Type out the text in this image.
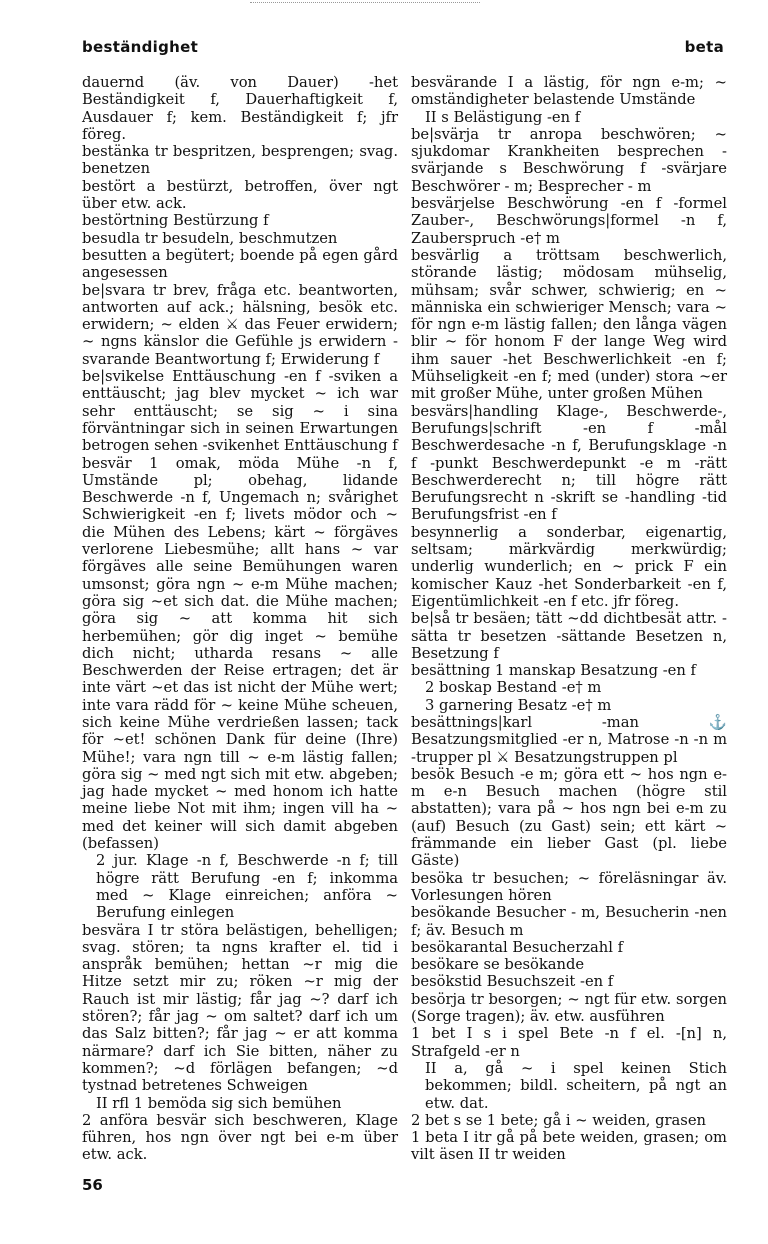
beständighet	beta

dauernd (äv. von Dauer) -het Beständigkeit f, Dauerhaftigkeit f, Ausdauer f; kem. Beständigkeit f; jfr föreg.

bestänka tr bespritzen, besprengen; svag. benetzen

bestört a bestürzt, betroffen, över ngt über etw. ack.

bestörtning Bestürzung f

besudla tr besudeln, beschmutzen

besutten a begütert; boende på egen gård angesessen

be|svara tr brev, fråga etc. beantworten, antworten auf ack.; hälsning, besök etc. erwidern; ~ elden ⚔ das Feuer erwidern; ~ ngns känslor die Gefühle js erwidern -svarande Beantwortung f; Erwiderung f

be|svikelse Enttäuschung -en f -sviken a enttäuscht; jag blev mycket ~ ich war sehr enttäuscht; se sig ~ i sina förväntningar sich in seinen Erwartungen betrogen sehen -svikenhet Enttäuschung f

besvär 1 omak, möda Mühe -n f, Umstände pl; obehag, lidande Beschwerde -n f, Ungemach n; svårighet Schwierigkeit -en f; livets mödor och ~ die Mühen des Lebens; kärt ~ förgäves verlorene Liebesmühe; allt hans ~ var förgäves alle seine Bemühungen waren umsonst; göra ngn ~ e-m Mühe machen; göra sig ~et sich dat. die Mühe machen; göra sig ~ att komma hit sich herbemühen; gör dig inget ~ bemühe dich nicht; utharda resans ~ alle Beschwerden der Reise ertragen; det är inte värt ~et das ist nicht der Mühe wert; inte vara rädd för ~ keine Mühe scheuen, sich keine Mühe verdrießen lassen; tack för ~et! schönen Dank für deine (Ihre) Mühe!; vara ngn till ~ e-m lästig fallen; göra sig ~ med ngt sich mit etw. abgeben; jag hade mycket ~ med honom ich hatte meine liebe Not mit ihm; ingen vill ha ~ med det keiner will sich damit abgeben (befassen)

2 jur. Klage -n f, Beschwerde -n f; till högre rätt Berufung -en f; inkomma med ~ Klage einreichen; anföra ~ Berufung einlegen

besvära I tr störa belästigen, behelligen; svag. stören; ta ngns krafter el. tid i anspråk bemühen; hettan ~r mig die Hitze setzt mir zu; röken ~r mig der Rauch ist mir lästig; får jag ~? darf ich stören?; får jag ~ om saltet? darf ich um das Salz bitten?; får jag ~ er att komma närmare? darf ich Sie bitten, näher zu kommen?; ~d förlägen befangen; ~d tystnad betretenes Schweigen

II rfl 1 bemöda sig sich bemühen

2 anföra besvär sich beschweren, Klage führen, hos ngn över ngt bei e-m über etw. ack.

besvärande I a lästig, för ngn e-m; ~ omständigheter belastende Umstände

II s Belästigung -en f

be|svärja tr anropa beschwören; ~ sjukdomar Krankheiten besprechen -svärjande s Beschwörung f -svärjare Beschwörer - m; Besprecher - m

besvärjelse Beschwörung -en f -formel Zauber-, Beschwörungs|formel -n f, Zauberspruch -e† m

besvärlig a tröttsam beschwerlich, störande lästig; mödosam mühselig, mühsam; svår schwer, schwierig; en ~ människa ein schwieriger Mensch; vara ~ för ngn e-m lästig fallen; den långa vägen blir ~ för honom F der lange Weg wird ihm sauer -het Beschwerlichkeit -en f; Mühseligkeit -en f; med (under) stora ~er mit großer Mühe, unter großen Mühen

besvärs|handling Klage-, Beschwerde-, Berufungs|schrift -en f -mål Beschwerdesache -n f, Berufungsklage -n f -punkt Beschwerdepunkt -e m -rätt Beschwerderecht n; till högre rätt Berufungsrecht n -skrift se -handling -tid Berufungsfrist -en f

besynnerlig a sonderbar, eigenartig, seltsam; märkvärdig merkwürdig; underlig wunderlich; en ~ prick F ein komischer Kauz -het Sonderbarkeit -en f, Eigentümlichkeit -en f etc. jfr föreg.

be|så tr besäen; tätt ~dd dichtbesät attr. -sätta tr besetzen -sättande Besetzen n, Besetzung f

besättning 1 manskap Besatzung -en f

2 boskap Bestand -e† m

3 garnering Besatz -e† m

besättnings|karl -man ⚓ Besatzungsmitglied -er n, Matrose -n -n m -trupper pl ⚔ Besatzungstruppen pl

besök Besuch -e m; göra ett ~ hos ngn e-m e-n Besuch machen (högre stil abstatten); vara på ~ hos ngn bei e-m zu (auf) Besuch (zu Gast) sein; ett kärt ~ främmande ein lieber Gast (pl. liebe Gäste)

besöka tr besuchen; ~ föreläsningar äv. Vorlesungen hören

besökande Besucher - m, Besucherin -nen f; äv. Besuch m

besökarantal Besucherzahl f

besökare se besökande

besökstid Besuchszeit -en f

besörja tr besorgen; ~ ngt für etw. sorgen (Sorge tragen); äv. etw. ausführen

1 bet I s i spel Bete -n f el. -[n] n, Strafgeld -er n

II a, gå ~ i spel keinen Stich bekommen; bildl. scheitern, på ngt an etw. dat.

2 bet s se 1 bete; gå i ~ weiden, grasen

1 beta I itr gå på bete weiden, grasen; om vilt äsen II tr weiden

56
